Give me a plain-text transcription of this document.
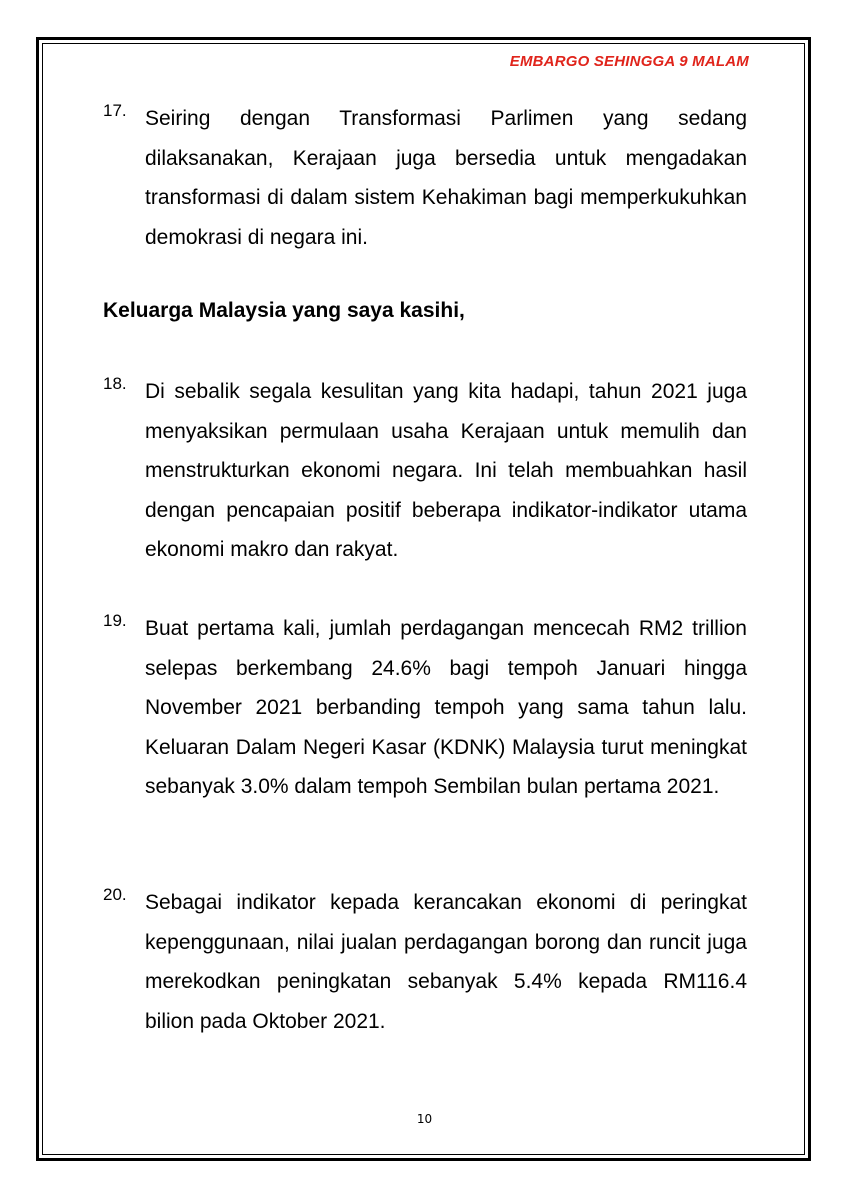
EMBARGO SEHINGGA 9 MALAM
17. Seiring dengan Transformasi Parlimen yang sedang dilaksanakan, Kerajaan juga bersedia untuk mengadakan transformasi di dalam sistem Kehakiman bagi memperkukuhkan demokrasi di negara ini.
Keluarga Malaysia yang saya kasihi,
18. Di sebalik segala kesulitan yang kita hadapi, tahun 2021 juga menyaksikan permulaan usaha Kerajaan untuk memulih dan menstrukturkan ekonomi negara. Ini telah membuahkan hasil dengan pencapaian positif beberapa indikator-indikator utama ekonomi makro dan rakyat.
19. Buat pertama kali, jumlah perdagangan mencecah RM2 trillion selepas berkembang 24.6% bagi tempoh Januari hingga November 2021 berbanding tempoh yang sama tahun lalu. Keluaran Dalam Negeri Kasar (KDNK) Malaysia turut meningkat sebanyak 3.0% dalam tempoh Sembilan bulan pertama 2021.
20. Sebagai indikator kepada kerancakan ekonomi di peringkat kepenggunaan, nilai jualan perdagangan borong dan runcit juga merekodkan peningkatan sebanyak 5.4% kepada RM116.4 bilion pada Oktober 2021.
10
